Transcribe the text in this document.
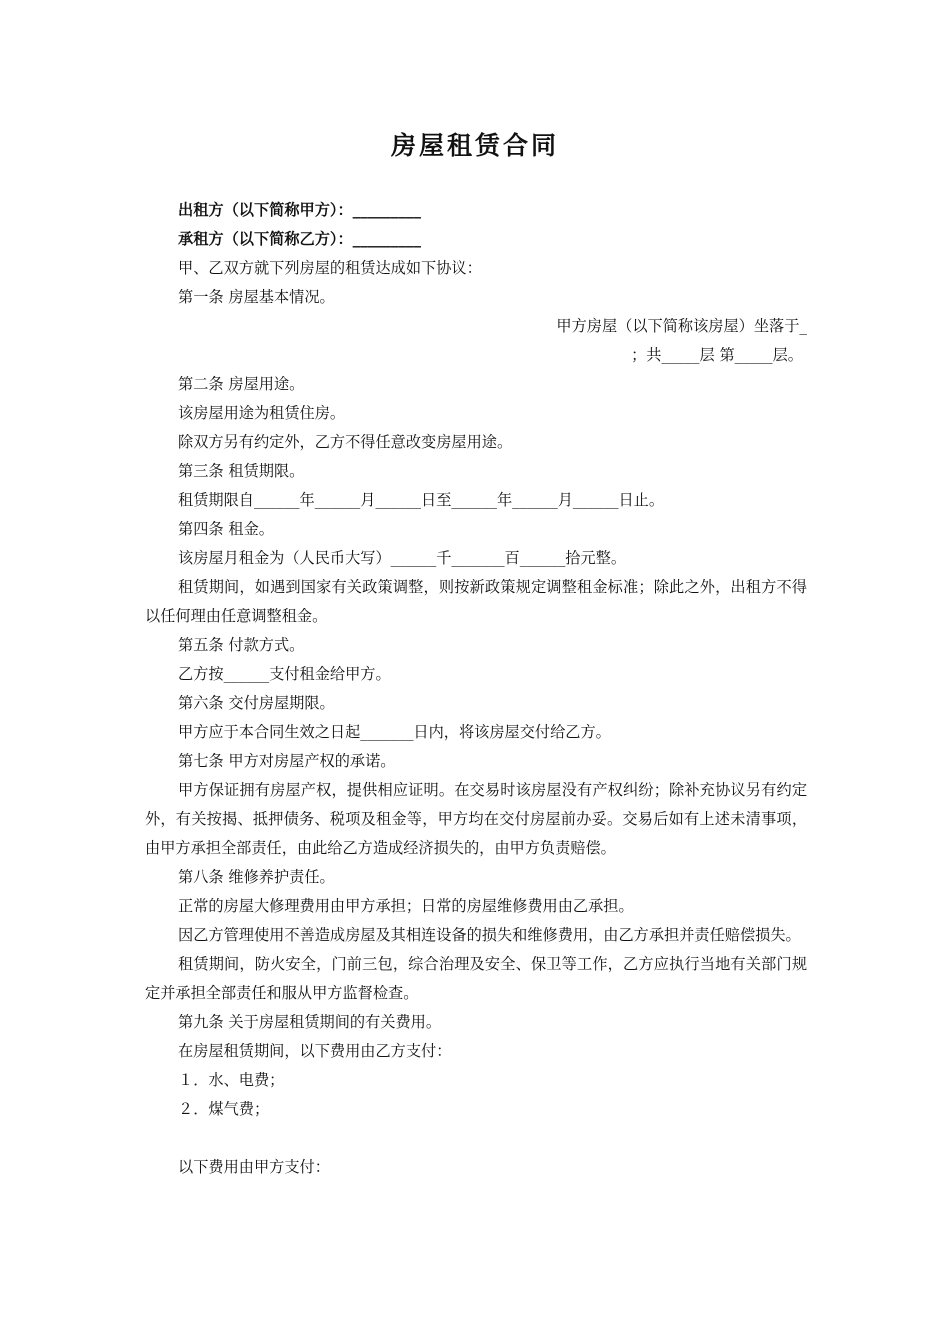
房屋租赁合同
出租方（以下简称甲方）：_________
承租方（以下简称乙方）：_________
甲、乙双方就下列房屋的租赁达成如下协议：
第一条 房屋基本情况。
甲方房屋（以下简称该房屋）坐落于_
；共_____层 第_____层。
第二条 房屋用途。
该房屋用途为租赁住房。
除双方另有约定外，乙方不得任意改变房屋用途。
第三条 租赁期限。
租赁期限自______年______月______日至______年______月______日止。
第四条 租金。
该房屋月租金为（人民币大写）______千_______百______拾元整。
租赁期间，如遇到国家有关政策调整，则按新政策规定调整租金标准；除此之外，出租方不得以任何理由任意调整租金。
第五条 付款方式。
乙方按______支付租金给甲方。
第六条 交付房屋期限。
甲方应于本合同生效之日起_______日内，将该房屋交付给乙方。
第七条 甲方对房屋产权的承诺。
甲方保证拥有房屋产权，提供相应证明。在交易时该房屋没有产权纠纷；除补充协议另有约定外，有关按揭、抵押债务、税项及租金等，甲方均在交付房屋前办妥。交易后如有上述未清事项，由甲方承担全部责任，由此给乙方造成经济损失的，由甲方负责赔偿。
第八条 维修养护责任。
正常的房屋大修理费用由甲方承担；日常的房屋维修费用由乙承担。
因乙方管理使用不善造成房屋及其相连设备的损失和维修费用，由乙方承担并责任赔偿损失。
租赁期间，防火安全，门前三包，综合治理及安全、保卫等工作，乙方应执行当地有关部门规定并承担全部责任和服从甲方监督检查。
第九条 关于房屋租赁期间的有关费用。
在房屋租赁期间，以下费用由乙方支付：
１．水、电费；
２．煤气费；
以下费用由甲方支付：
